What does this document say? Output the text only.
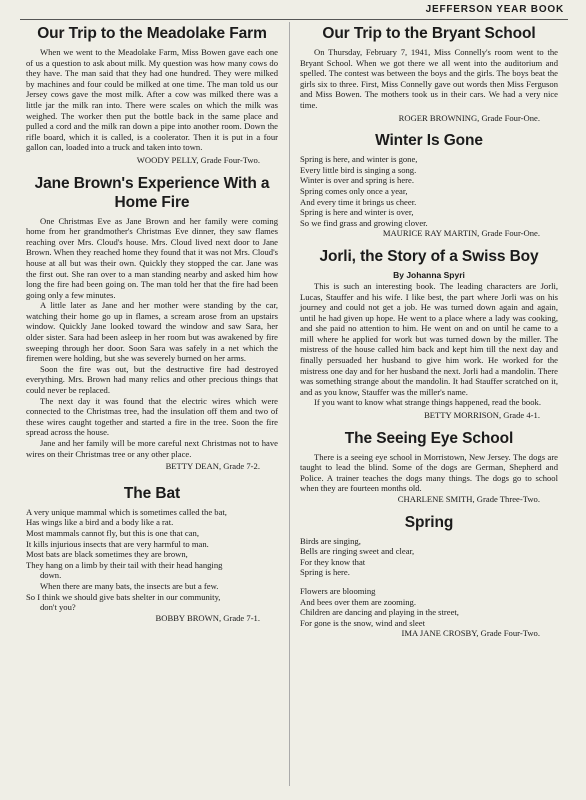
JEFFERSON YEAR BOOK
Our Trip to the Meadolake Farm

When we went to the Meadolake Farm, Miss Bowen gave each one of us a question to ask about milk. My question was how many cows do they have. The man said that they had one hundred. They were milked by machines and four could be milked at one time. The man told us our Jersey cows gave the most milk. After a cow was milked there was a little jar the milk ran into. There were scales on which the milk was weighed. The worker then put the bottle back in the same place and pulled a cord and the milk ran down a pipe into another room. Down the rifle board, which it is called, is a coolerator. Then it is put in a four gallon can, loaded into a truck and taken into town.

WOODY PELLY, Grade Four-Two.
Jane Brown's Experience With a Home Fire

One Christmas Eve as Jane Brown and her family were coming home from her grandmother's Christmas Eve dinner, they saw flames reaching over Mrs. Cloud's house. Mrs. Cloud lived next door to Jane Brown. When they reached home they found that it was not Mrs. Cloud's house at all but was their own. Quickly they stopped the car. Jane was the first out. She ran over to a man standing nearby and asked him how long the fire had been going on. The man told her that the fire had been going only a few minutes.

A little later as Jane and her mother were standing by the car, watching their home go up in flames, a scream arose from an upstairs window. Quickly Jane looked toward the window and saw Sara, her older sister. Sara had been asleep in her room but was awakened by fire sweeping through her door. Soon Sara was safely in a net which the firemen were holding, but she was severely burned on her arms.

Soon the fire was out, but the destructive fire had destroyed everything. Mrs. Brown had many relics and other precious things that could never be replaced.

The next day it was found that the electric wires which were connected to the Christmas tree, had the insulation off them and two of these wires caught together and started a fire in the tree. Soon the fire spread across the house.

Jane and her family will be more careful next Christmas not to have wires on their Christmas tree or any other place.

BETTY DEAN, Grade 7-2.
The Bat
A very unique mammal which is sometimes called the bat,
Has wings like a bird and a body like a rat.
Most mammals cannot fly, but this is one that can,
It kills injurious insects that are very harmful to man.
Most bats are black sometimes they are brown,
They hang on a limb by their tail with their head hanging
down.
When there are many bats, the insects are but a few.
So I think we should give bats shelter in our community,
don't you?
BOBBY BROWN, Grade 7-1.
Our Trip to the Bryant School

On Thursday, February 7, 1941, Miss Connelly's room went to the Bryant School. When we got there we all went into the auditorium and spelled. The contest was between the boys and the girls. The boys beat the girls six to three. First, Miss Connelly gave out words then Miss Ferguson and Miss Bowen. The mothers took us in their cars. We had a very nice time.

ROGER BROWNING, Grade Four-One.
Winter Is Gone
Spring is here, and winter is gone,
Every little bird is singing a song.
Winter is over and spring is here.
Spring comes only once a year,
And every time it brings us cheer.
Spring is here and winter is over,
So we find grass and growing clover.
MAURICE RAY MARTIN, Grade Four-One.
Jorli, the Story of a Swiss Boy
By Johanna Spyri

This is such an interesting book. The leading characters are Jorli, Lucas, Stauffer and his wife. I like best, the part where Jorli was on his journey and could not get a job. He was turned down again and again, until he had given up hope. He went to a place where a lady was cooking, and she paid no attention to him. He went on and on until he came to a mill where he applied for work but was turned down by the miller. The mistress of the house called him back and kept him till the next day and finally persuaded her husband to give him work. He worked for the mistress one day and for her husband the next. Jorli had a mandolin. There was something strange about the mandolin. It had Stauffer scratched on it, and as you know, Stauffer was the miller's name.

If you want to know what strange things happened, read the book.

BETTY MORRISON, Grade 4-1.
The Seeing Eye School

There is a seeing eye school in Morristown, New Jersey. The dogs are taught to lead the blind. Some of the dogs are German, Shepherd and Police. A trainer teaches the dogs many things. The dogs go to school when they are fourteen months old.

CHARLENE SMITH, Grade Three-Two.
Spring
Birds are singing,
Bells are ringing sweet and clear,
For they know that
Spring is here.
Flowers are blooming
And bees over them are zooming.
Children are dancing and playing in the street,
For gone is the snow, wind and sleet
IMA JANE CROSBY, Grade Four-Two.
